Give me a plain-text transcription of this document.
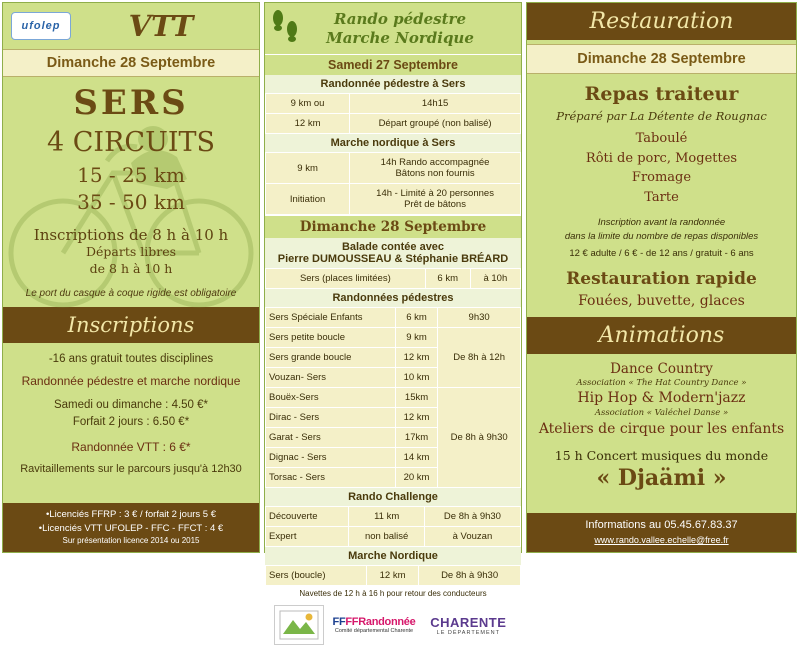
ufolep	VTT
Dimanche 28 Septembre
SERS
4 CIRCUITS
15 - 25 km
35 - 50 km
Inscriptions de 8 h à 10 h
Départs libres
de 8 h à 10 h
Le port du casque à coque rigide est obligatoire
Inscriptions
-16 ans gratuit toutes disciplines
Randonnée pédestre et marche nordique
Samedi ou dimanche : 4.50 €*
Forfait 2 jours : 6.50 €*
Randonnée VTT : 6 €*
Ravitaillements sur le parcours jusqu'à 12h30
•Licenciés FFRP : 3 € / forfait 2 jours 5 €
•Licenciés VTT UFOLEP - FFC - FFCT : 4 €
Sur présentation licence 2014 ou 2015
Rando pédestre
Marche Nordique
Samedi 27 Septembre
Randonnée pédestre à Sers
9 km ou	14h15
12 km	Départ groupé (non balisé)
Marche nordique à Sers
9 km	14h Rando accompagnée
Bâtons non fournis

Initiation	14h - Limité à 20 personnes
Prêt de bâtons
Dimanche 28 Septembre
Balade contée avec
Pierre DUMOUSSEAU & Stéphanie BRÉARD
Sers (places limitées)	6 km	à 10h
Randonnées pédestres
Sers Spéciale Enfants	6 km	9h30
Sers petite boucle	9 km	De 8h à 12h
Sers grande boucle	12 km	
Vouzan- Sers	10 km	
Bouëx-Sers	15km	De 8h à 9h30
Dirac - Sers	12 km	
Garat - Sers	17km	
Dignac - Sers	14 km	
Torsac - Sers	20 km	
Rando Challenge
Découverte	11 km	De 8h à 9h30
Expert	non balisé	à Vouzan
Marche Nordique
Sers (boucle)	12 km	De 8h à 9h30
Navettes de 12 h à 16 h pour retour des conducteurs
FFFFRandonnée
Comité départemental Charente
CHARENTE
LE DÉPARTEMENT
Restauration
Dimanche 28 Septembre
Repas traiteur
Préparé par La Détente de Rougnac
Taboulé
Rôti de porc, Mogettes
Fromage
Tarte
Inscription avant la randonnée
dans la limite du nombre de repas disponibles
12 € adulte / 6 € - de 12 ans / gratuit - 6 ans
Restauration rapide
Fouées, buvette, glaces
Animations
Dance Country
Association « The Hat Country Dance »
Hip Hop & Modern'jazz
Association « Valéchel Danse »
Ateliers de cirque pour les enfants
15 h Concert musiques du monde
« Djaämi »
Informations au 05.45.67.83.37
www.rando.vallee.echelle@free.fr
